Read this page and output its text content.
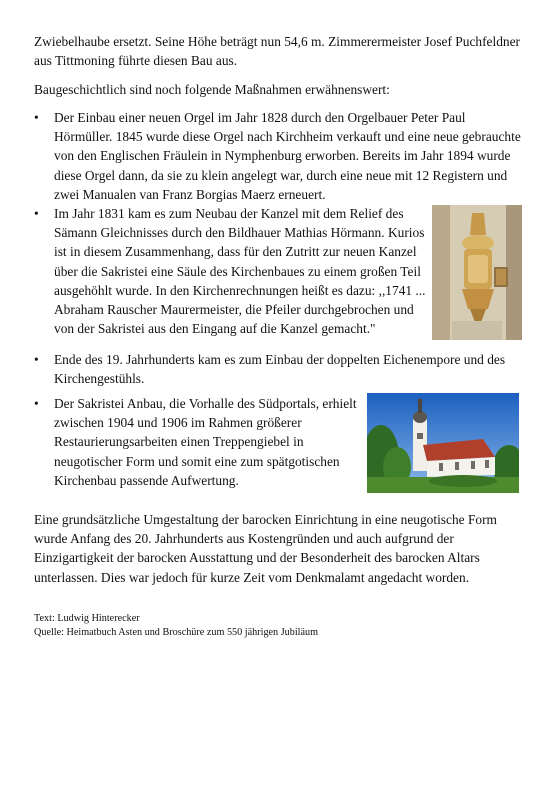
Zwiebelhaube ersetzt. Seine Höhe beträgt nun 54,6 m. Zimmerermeister Josef Puchfeldner aus Tittmoning führte diesen Bau aus.

Baugeschichtlich sind noch folgende Maßnahmen erwähnenswert:

• Der Einbau einer neuen Orgel im Jahr 1828 durch den Orgelbauer Peter Paul Hörmüller. 1845 wurde diese Orgel nach Kirchheim verkauft und eine neue gebrauchte von den Englischen Fräulein in Nymphenburg erworben. Bereits im Jahr 1894 wurde diese Orgel dann, da sie zu klein angelegt war, durch eine neue mit 12 Registern und zwei Manualen van Franz Borgias Maerz erneuert.

• Im Jahr 1831 kam es zum Neubau der Kanzel mit dem Relief des Sämann Gleichnisses durch den Bildhauer Mathias Hörmann. Kurios ist in diesem Zusammenhang, dass für den Zutritt zur neuen Kanzel über die Sakristei eine Säule des Kirchenbaues zu einem großen Teil ausgehöhlt wurde. In den Kirchenrechnungen heißt es dazu: ,,1741 ... Abraham Rauscher Maurermeister, die Pfeiler durchgebrochen und von der Sakristei aus den Eingang auf die Kanzel gemacht."

• Ende des 19. Jahrhunderts kam es zum Einbau der doppelten Eichenempore und des Kirchengestühls.

• Der Sakristei Anbau, die Vorhalle des Südportals, erhielt zwischen 1904 und 1906 im Rahmen größerer Restaurierungsarbeiten einen Treppengiebel in neugotischer Form und somit eine zum spätgotischen Kirchenbau passende Aufwertung.

Eine grundsätzliche Umgestaltung der barocken Einrichtung in eine neugotische Form wurde Anfang des 20. Jahrhunderts aus Kostengründen und auch aufgrund der Einzigartigkeit der barocken Ausstattung und der Besonderheit des barocken Altars unterlassen. Dies war jedoch für kurze Zeit vom Denkmalamt angedacht worden.

Text: Ludwig Hinterecker

Quelle: Heimatbuch Asten und Broschüre zum 550 jährigen Jubiläum
